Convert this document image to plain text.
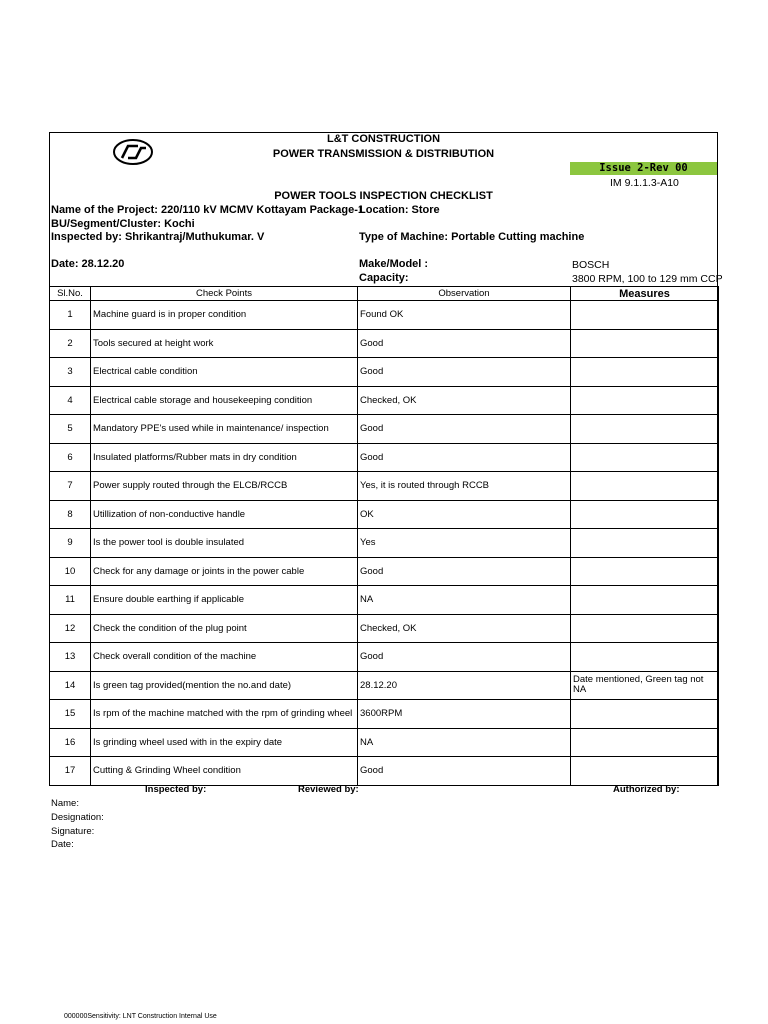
L&T CONSTRUCTION
POWER TRANSMISSION & DISTRIBUTION
Issue 2-Rev 00
IM 9.1.1.3-A10
POWER TOOLS INSPECTION CHECKLIST
Name of the Project: 220/110 kV MCMV Kottayam Package-1
Location: Store
BU/Segment/Cluster: Kochi
Inspected by: Shrikantraj/Muthukumar. V	Type of Machine: Portable Cutting machine
Date: 28.12.20	Make/Model :	BOSCH
Capacity:	3800 RPM, 100 to 129 mm CCP
Sl.No.	Check Points	Observation	Measures
1	Machine guard is in proper condition	Found OK	
2	Tools secured at height work	Good	
3	Electrical cable condition	Good	
4	Electrical cable storage and housekeeping condition	Checked, OK	
5	Mandatory PPE's used while in maintenance/ inspection	Good	
6	Insulated platforms/Rubber mats in dry condition	Good	
7	Power supply routed through the ELCB/RCCB	Yes, it is routed through RCCB	
8	Utillization of non-conductive handle	OK	
9	Is the power tool is double insulated	Yes	
10	Check for any damage or joints in the power cable	Good	
11	Ensure double earthing if applicable	NA	
12	Check the condition of the plug point	Checked, OK	
13	Check overall condition of the machine	Good	
14	Is green tag provided(mention the no.and date)	28.12.20	Date mentioned, Green tag not NA
15	Is rpm of the machine matched with the rpm of grinding wheel	3600RPM	
16	Is grinding wheel used with in the expiry date	NA	
17	Cutting & Grinding Wheel condition	Good	
Inspected by:	Reviewed by:	Authorized by:
Name:
Designation:
Signature:
Date:
000000Sensitivity: LNT Construction Internal Use
